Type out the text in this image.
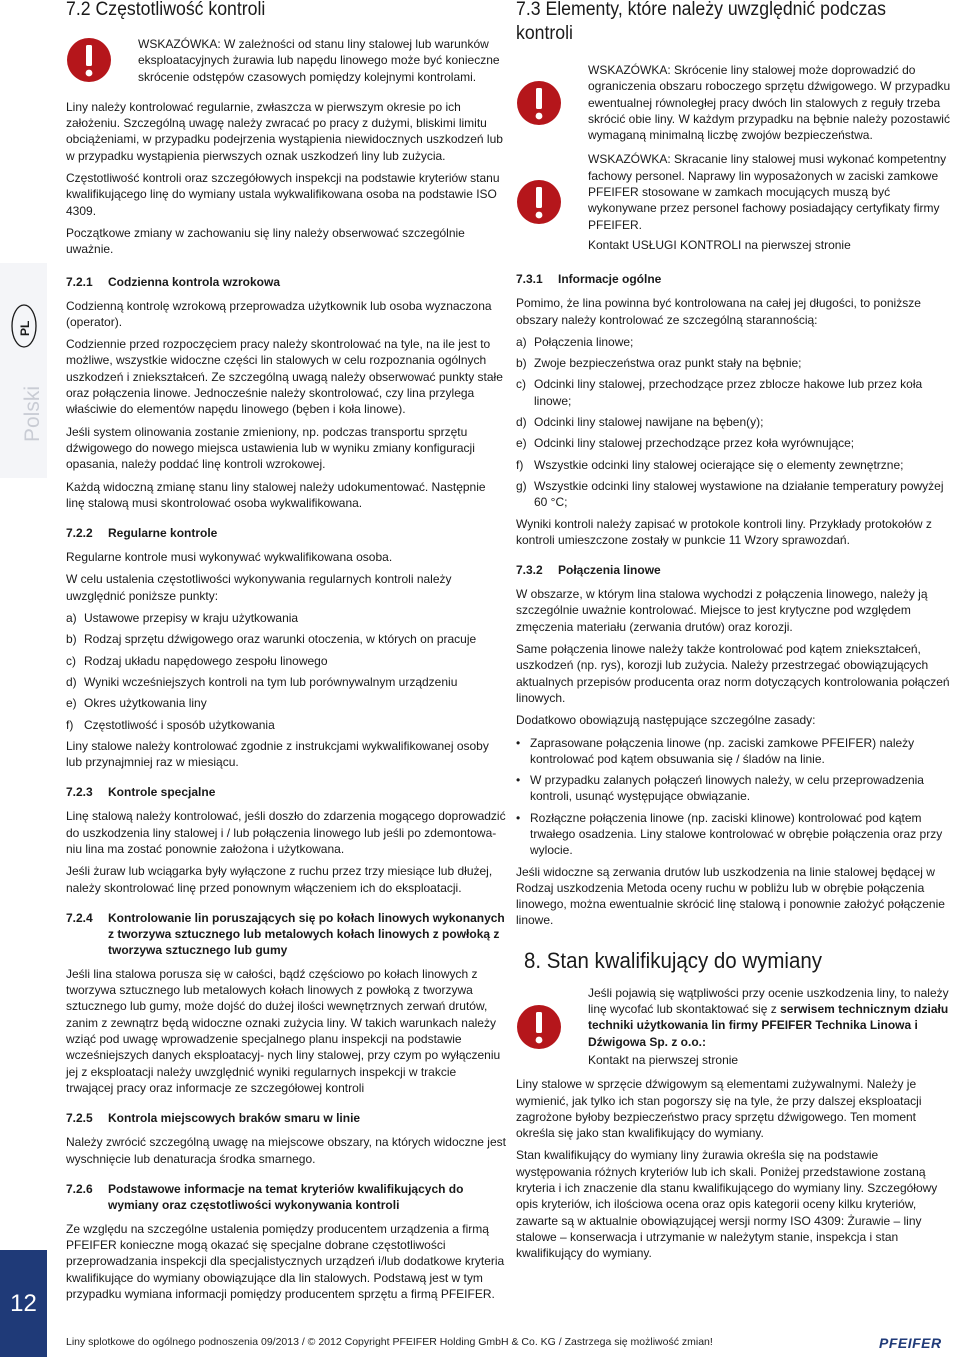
Polski
PL
12
7.2 Częstotliwość kontroli
WSKAZÓWKA: W zależności od stanu liny stalowej lub warunków eksploatacyjnych żurawia lub napędu linowego może być konieczne skrócenie odstępów czasowych pomiędzy kolejnymi kontrolami.

Liny należy kontrolować regularnie, zwłaszcza w pierwszym okresie po ich założeniu. Szczególną uwagę należy zwracać po pracy z dużymi, bliskimi limitu obciążeniami, w przypadku podejrzenia wystąpienia niewidocznych uszkodzeń lub w przypadku wystąpienia pierwszych oznak uszkodzeń liny lub zużycia.

Częstotliwość kontroli oraz szczegółowych inspekcji na podstawie kryteriów stanu kwalifikującego linę do wymiany ustala wykwalifikowana osoba na podstawie ISO 4309.

Początkowe zmiany w zachowaniu się liny należy obserwować szczególnie uważnie.

7.2.1	Codzienna kontrola wzrokowa

Codzienną kontrolę wzrokową przeprowadza użytkownik lub osoba wyznaczona (operator).

Codziennie przed rozpoczęciem pracy należy skontrolować na tyle, na ile jest to możliwe, wszystkie widoczne części lin stalowych w celu rozpoznania ogólnych uszkodzeń i zniekształceń. Ze szczególną uwagą należy obserwować punkty stałe oraz połączenia linowe. Jednocześnie należy skontrolować, czy lina przylega właściwie do elementów napędu linowego (bęben i koła linowe).

Jeśli system olinowania zostanie zmieniony, np. podczas transportu sprzętu dźwigowego do nowego miejsca ustawienia lub w wyniku zmiany konfiguracji opasania, należy poddać linę kontroli wzrokowej.

Każdą widoczną zmianę stanu liny stalowej należy udokumentować. Następnie linę stalową musi skontrolować osoba wykwalifikowana.

7.2.2	Regularne kontrole

Regularne kontrole musi wykonywać wykwalifikowana osoba.

W celu ustalenia częstotliwości wykonywania regularnych kontroli należy uwzględnić poniższe punkty:

a) Ustawowe przepisy w kraju użytkowania
b) Rodzaj sprzętu dźwigowego oraz warunki otoczenia, w których on pracuje
c) Rodzaj układu napędowego zespołu linowego
d) Wyniki wcześniejszych kontroli na tym lub porównywalnym urządzeniu
e) Okres użytkowania liny
f) Częstotliwość i sposób użytkowania

Liny stalowe należy kontrolować zgodnie z instrukcjami wykwalifikowanej osoby lub przynajmniej raz w miesiącu.

7.2.3	Kontrole specjalne

Linę stalową należy kontrolować, jeśli doszło do zdarzenia mogącego doprowadzić do uszkodzenia liny stalowej i / lub połączenia linowego lub jeśli po zdemontowa- niu lina ma zostać ponownie założona i użytkowana.

Jeśli żuraw lub wciągarka były wyłączone z ruchu przez trzy miesiące lub dłużej, należy skontrolować linę przed ponownym włączeniem ich do eksploatacji.

7.2.4	Kontrolowanie lin poruszających się po kołach linowych wykonanych z tworzywa sztucznego lub metalowych kołach linowych z powłoką z tworzywa sztucznego lub gumy

Jeśli lina stalowa porusza się w całości, bądź częściowo po kołach linowych z tworzywa sztucznego lub metalowych kołach linowych z powłoką z tworzywa sztucznego lub gumy, może dojść do dużej ilości wewnętrznych zerwań drutów, zanim z zewnątrz będą widoczne oznaki zużycia liny. W takich warunkach należy wziąć pod uwagę wprowadzenie specjalnego planu inspekcji na podstawie wcześniejszych danych eksploatacyj- nych liny stalowej, przy czym po wyłączeniu jej z eksploatacji należy uwzględnić wyniki regularnych inspekcji w trakcie trwającej pracy oraz informacje ze szczegółowej kontroli

7.2.5	Kontrola miejscowych braków smaru w linie

Należy zwrócić szczególną uwagę na miejscowe obszary, na których widoczne jest wyschnięcie lub denaturacja środka smarnego.

7.2.6	Podstawowe informacje na temat kryteriów kwalifikujących do wymiany oraz częstotliwości wykonywania kontroli

Ze względu na szczególne ustalenia pomiędzy producentem urządzenia a firmą PFEIFER konieczne mogą okazać się specjalne dobrane częstotliwości przeprowadzania inspekcji dla specjalistycznych urządzeń i/lub dodatkowe kryteria kwalifikujące do wymiany obowiązujące dla lin stalowych. Podstawą jest w tym przypadku wymiana informacji pomiędzy producentem sprzętu a firmą PFEIFER.

7.3 Elementy, które należy uwzględnić podczas kontroli
WSKAZÓWKA: Skrócenie liny stalowej może doprowadzić do ograniczenia obszaru roboczego sprzętu dźwigowego. W przypadku ewentualnej równoległej pracy dwóch lin stalowych z reguły trzeba skrócić obie liny. W każdym przypadku na bębnie należy pozostawić wymaganą minimalną liczbę zwojów bezpieczeństwa.
WSKAZÓWKA: Skracanie liny stalowej musi wykonać kompetentny fachowy personel. Naprawy lin wyposażonych w zaciski zamkowe PFEIFER stosowane w zamkach mocujących muszą być wykonywane przez personel fachowy posiadający certyfikaty firmy PFEIFER.
Kontakt USŁUGI KONTROLI na pierwszej stronie
7.3.1	Informacje ogólne

Pomimo, że lina powinna być kontrolowana na całej jej długości, to poniższe obszary należy kontrolować ze szczególną starannością:

a) Połączenia linowe;
b) Zwoje bezpieczeństwa oraz punkt stały na bębnie;
c) Odcinki liny stalowej, przechodzące przez zblocze hakowe lub przez koła linowe;
d) Odcinki liny stalowej nawijane na bęben(y);
e) Odcinki liny stalowej przechodzące przez koła wyrównujące;
f) Wszystkie odcinki liny stalowej ocierające się o elementy zewnętrzne;
g) Wszystkie odcinki liny stalowej wystawione na działanie temperatury powyżej 60 °C;

Wyniki kontroli należy zapisać w protokole kontroli liny. Przykłady protokołów z kontroli umieszczone zostały w punkcie 11 Wzory sprawozdań.

7.3.2	Połączenia linowe

W obszarze, w którym lina stalowa wychodzi z połączenia linowego, należy ją szczególnie uważnie kontrolować. Miejsce to jest krytyczne pod względem zmęczenia materiału (zerwania drutów) oraz korozji.

Same połączenia linowe należy także kontrolować pod kątem zniekształceń, uszkodzeń (np. rys), korozji lub zużycia. Należy przestrzegać obowiązujących aktualnych przepisów producenta oraz norm dotyczących kontrolowania połączeń linowych.

Dodatkowo obowiązują następujące szczególne zasady:

• Zaprasowane połączenia linowe (np. zaciski zamkowe PFEIFER) należy kontrolować pod kątem obsuwania się / śladów na linie.
• W przypadku zalanych połączeń linowych należy, w celu przeprowadzenia kontroli, usunąć występujące obwiązanie.
• Rozłączne połączenia linowe (np. zaciski klinowe) kontrolować pod kątem trwałego osadzenia. Liny stalowe kontrolować w obrębie połączenia oraz przy wylocie.

Jeśli widoczne są zerwania drutów lub uszkodzenia na linie stalowej będącej w Rodzaj uszkodzenia Metoda oceny ruchu w pobliżu lub w obrębie połączenia linowego, można ewentualnie skrócić linę stalową i ponownie założyć połączenie linowe.

8. Stan kwalifikujący do wymiany
Jeśli pojawią się wątpliwości przy ocenie uszkodzenia liny, to należy linę wycofać lub skontaktować się z serwisem technicznym działu techniki użytkowania lin firmy PFEIFER Technika Linowa i Dźwigowa Sp. z o.o.:
Kontakt na pierwszej stronie

Liny stalowe w sprzęcie dźwigowym są elementami zużywalnymi. Należy je wymienić, jak tylko ich stan pogorszy się na tyle, że przy dalszej eksploatacji zagrożone byłoby bezpieczeństwo pracy sprzętu dźwigowego. Ten moment określa się jako stan kwalifikujący do wymiany.

Stan kwalifikujący do wymiany liny żurawia określa się na podstawie występowania różnych kryteriów lub ich skali. Poniżej przedstawione zostaną kryteria i ich znaczenie dla stanu kwalifikującego do wymiany liny. Szczegółowy opis kryteriów, ich ilościowa ocena oraz opis kategorii oceny kilku kryteriów, zawarte są w aktualnie obowiązującej wersji normy ISO 4309: Żurawie – liny stalowe – konserwacja i utrzymanie w należytym stanie, inspekcja i stan kwalifikujący do wymiany.

Liny splotkowe do ogólnego podnoszenia 09/2013 / © 2012 Copyright PFEIFER Holding GmbH & Co. KG / Zastrzega się możliwość zmian!	PFEIFER
